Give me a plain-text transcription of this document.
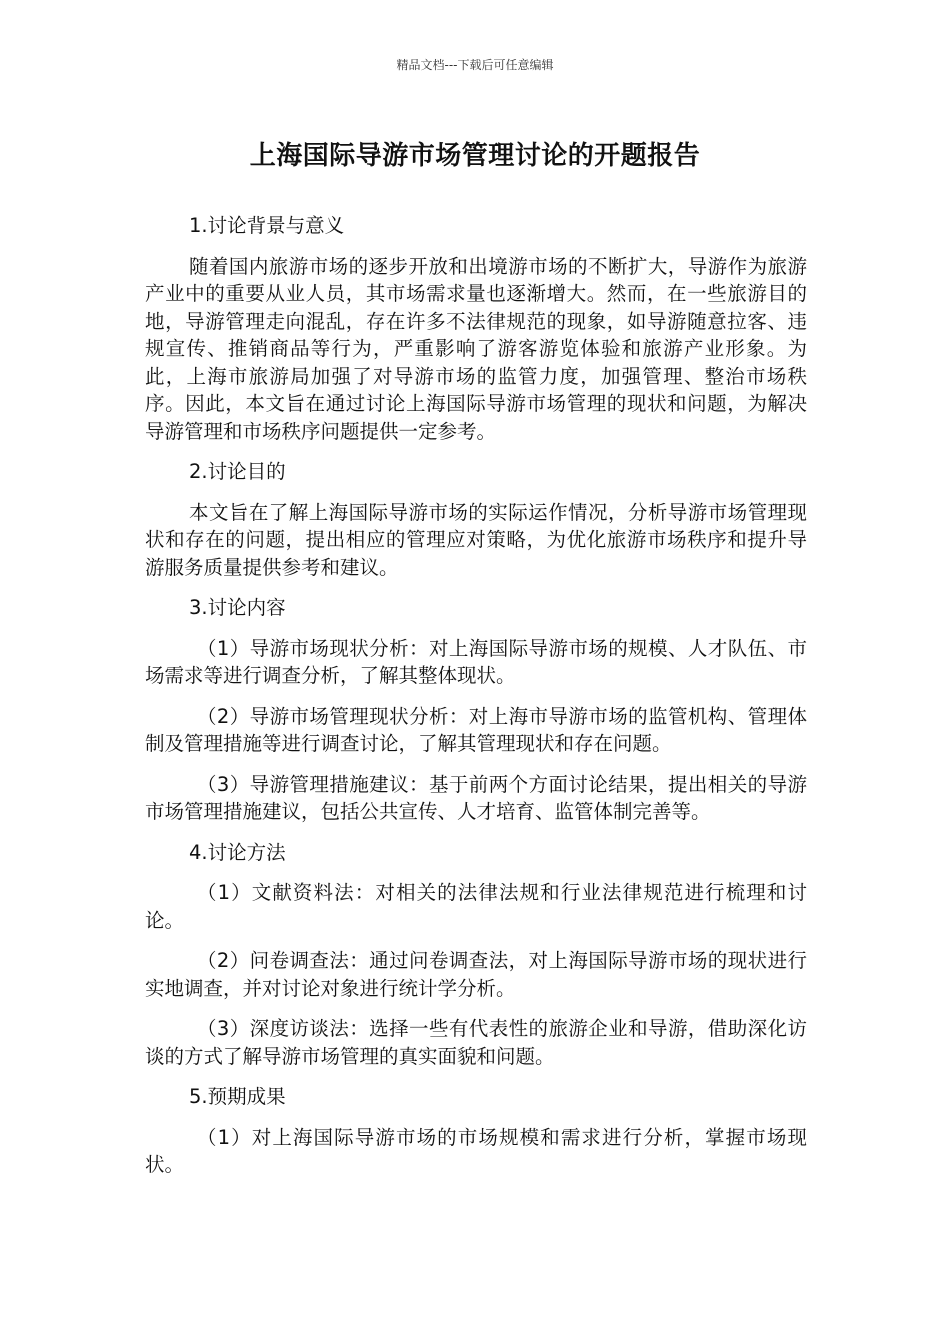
精品文档---下载后可任意编辑
上海国际导游市场管理讨论的开题报告
1.讨论背景与意义

随着国内旅游市场的逐步开放和出境游市场的不断扩大，导游作为旅游产业中的重要从业人员，其市场需求量也逐渐增大。然而，在一些旅游目的地，导游管理走向混乱，存在许多不法律规范的现象，如导游随意拉客、违规宣传、推销商品等行为，严重影响了游客游览体验和旅游产业形象。为此，上海市旅游局加强了对导游市场的监管力度，加强管理、整治市场秩序。因此，本文旨在通过讨论上海国际导游市场管理的现状和问题，为解决导游管理和市场秩序问题提供一定参考。

2.讨论目的

本文旨在了解上海国际导游市场的实际运作情况，分析导游市场管理现状和存在的问题，提出相应的管理应对策略，为优化旅游市场秩序和提升导游服务质量提供参考和建议。

3.讨论内容

（1）导游市场现状分析：对上海国际导游市场的规模、人才队伍、市场需求等进行调查分析，了解其整体现状。

（2）导游市场管理现状分析：对上海市导游市场的监管机构、管理体制及管理措施等进行调查讨论，了解其管理现状和存在问题。

（3）导游管理措施建议：基于前两个方面讨论结果，提出相关的导游市场管理措施建议，包括公共宣传、人才培育、监管体制完善等。

4.讨论方法

（1）文献资料法：对相关的法律法规和行业法律规范进行梳理和讨论。

（2）问卷调查法：通过问卷调查法，对上海国际导游市场的现状进行实地调查，并对讨论对象进行统计学分析。

（3）深度访谈法：选择一些有代表性的旅游企业和导游，借助深化访谈的方式了解导游市场管理的真实面貌和问题。

5.预期成果

（1）对上海国际导游市场的市场规模和需求进行分析，掌握市场现状。
